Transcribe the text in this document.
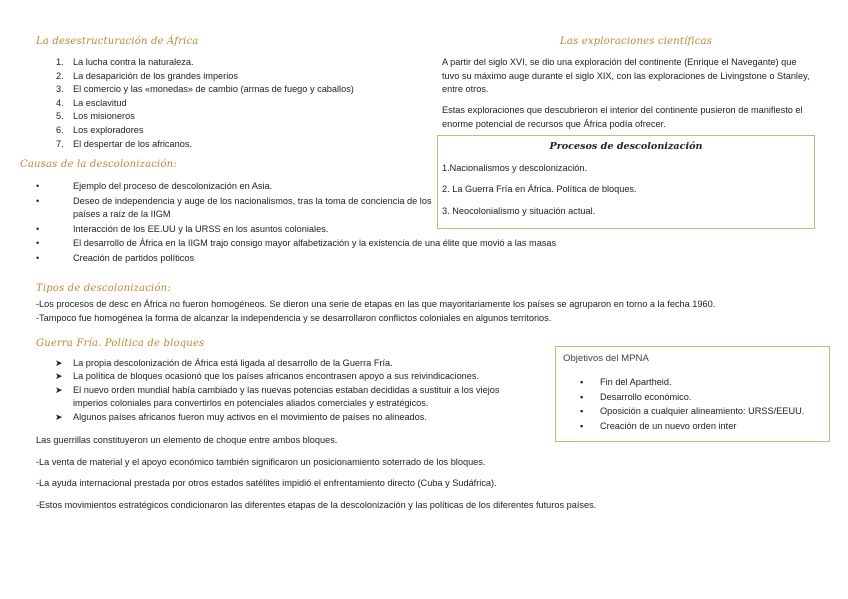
La desestructuración de África
1. La lucha contra la naturaleza.
2. La desaparición de los grandes imperios
3. El comercio y las «monedas» de cambio (armas de fuego y caballos)
4. La esclavitud
5. Los misioneros
6. Los exploradores
7. El despertar de los africanos.
Causas de la descolonización:
•	Ejemplo del proceso de descolonización en Asia.
•	Deseo de independencia y auge de los nacionalismos, tras la toma de conciencia de los países a raíz de la IIGM
•	Interacción de los EE.UU y la URSS en los asuntos coloniales.
•	El desarrollo de África en la IIGM trajo consigo mayor alfabetización y la existencia de una élite que movió a las masas
•	Creación de partidos políticos
Tipos de descolonización:
-Los procesos de desc en África no fueron homogéneos. Se dieron una serie de etapas en las que mayoritariamente los países se agruparon en torno a la fecha 1960.
-Tampoco fue homogénea la forma de alcanzar la independencia y se desarrollaron conflictos coloniales en algunos territorios.
Guerra Fría. Política de bloques
➤ La propia descolonización de África está ligada al desarrollo de la Guerra Fría.
➤ La política de bloques ocasionó que los países africanos encontrasen apoyo a sus reivindicaciones.
➤ El nuevo orden mundial había cambiado y las nuevas potencias estaban decididas a sustituir a los viejos imperios coloniales para convertirlos en potenciales aliados comerciales y estratégicos.
➤ Algunos países africanos fueron muy activos en el movimiento de países no alineados.
Las guerrillas constituyeron un elemento de choque entre ambos bloques.
-La venta de material y el apoyo económico también significaron un posicionamiento soterrado de los bloques.
-La ayuda internacional prestada por otros estados satélites impidió el enfrentamiento directo (Cuba y Sudáfrica).
-Estos movimientos estratégicos condicionaron las diferentes etapas de la descolonización y las políticas de los diferentes futuros países.
Las exploraciones científicas
A partir del siglo XVI, se dio una exploración del continente (Enrique el Navegante) que tuvo su máximo auge durante el siglo XIX, con las exploraciones de Livingstone o Stanley, entre otros.
Estas exploraciones que descubrieron el interior del continente pusieron de manifiesto el enorme potencial de recursos que África podía ofrecer.
Procesos de descolonización
1.Nacionalismos y descolonización.
2. La Guerra Fría en África. Política de bloques.
3. Neocolonialismo y situación actual.
Objetivos del MPNA
▪ Fin del Apartheid.
▪ Desarrollo económico.
▪ Oposición a cualquier alineamiento: URSS/EEUU.
▪ Creación de un nuevo orden inter
